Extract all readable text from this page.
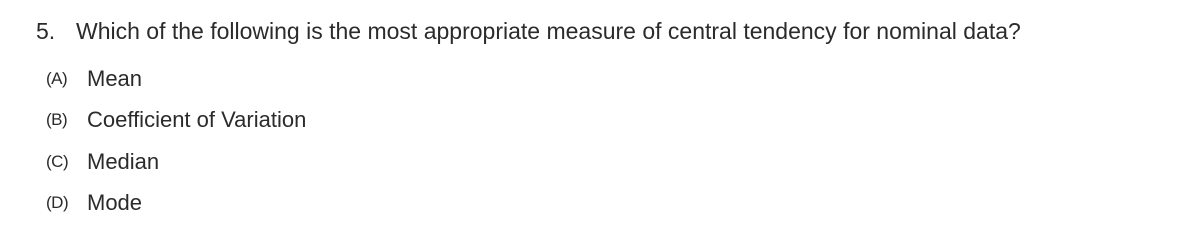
5. Which of the following is the most appropriate measure of central tendency for nominal data?
(A) Mean
(B) Coefficient of Variation
(C) Median
(D) Mode
